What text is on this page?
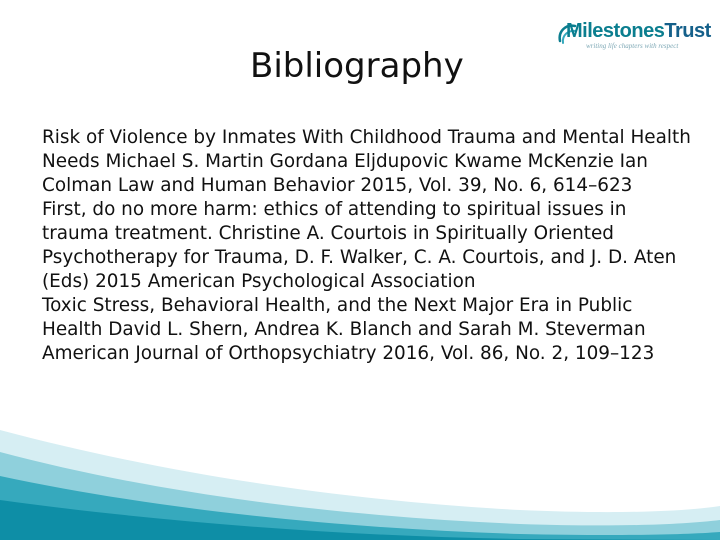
MilestonesTrust
writing life chapters with respect
Bibliography

Risk of Violence by Inmates With Childhood Trauma and Mental Health Needs Michael S. Martin Gordana Eljdupovic Kwame McKenzie Ian Colman Law and Human Behavior 2015, Vol. 39, No. 6, 614–623

First, do no more harm: ethics of attending to spiritual issues in trauma treatment. Christine A. Courtois in Spiritually Oriented Psychotherapy for Trauma, D. F. Walker, C. A. Courtois, and J. D. Aten (Eds) 2015 American Psychological Association

Toxic Stress, Behavioral Health, and the Next Major Era in Public Health David L. Shern, Andrea K. Blanch and Sarah M. Steverman American Journal of Orthopsychiatry 2016, Vol. 86, No. 2, 109–123
